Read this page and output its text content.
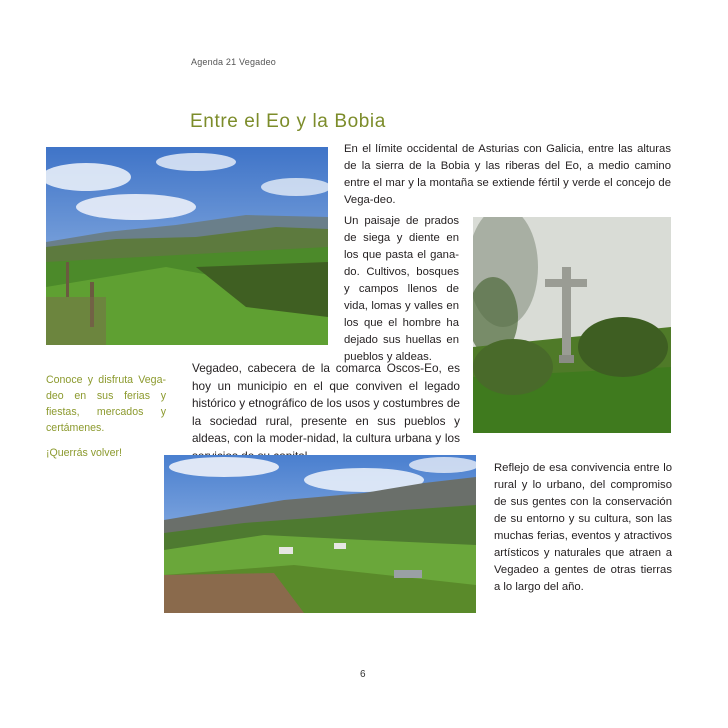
Agenda 21 Vegadeo
Entre el Eo y la Bobia

En el límite occidental de Asturias con Galicia, entre las alturas de la sierra de la Bobia y las riberas del Eo, a medio camino entre el mar y la montaña se extiende fértil y verde el concejo de Vega-deo.

Un paisaje de prados de siega y diente en los que pasta el gana-do. Cultivos, bosques y campos llenos de vida, lomas y valles en los que el hombre ha dejado sus huellas en pueblos y aldeas.

Conoce y disfruta Vega-deo en sus ferias y fiestas, mercados y certámenes.

¡Querrás volver!

Vegadeo, cabecera de la comarca Oscos-Eo, es hoy un municipio en el que conviven el legado histórico y etnográfico de los usos y costumbres de la sociedad rural, presente en sus pueblos y aldeas, con la moder-nidad, la cultura urbana y los

Reflejo de esa convivencia entre lo rural y lo urbano, del compromiso de sus gentes con la conservación de su entorno y su cultura, son las muchas ferias, eventos y atractivos artísticos y naturales que atraen a Vegadeo a gentes de otras tierras a lo largo del año.

6
